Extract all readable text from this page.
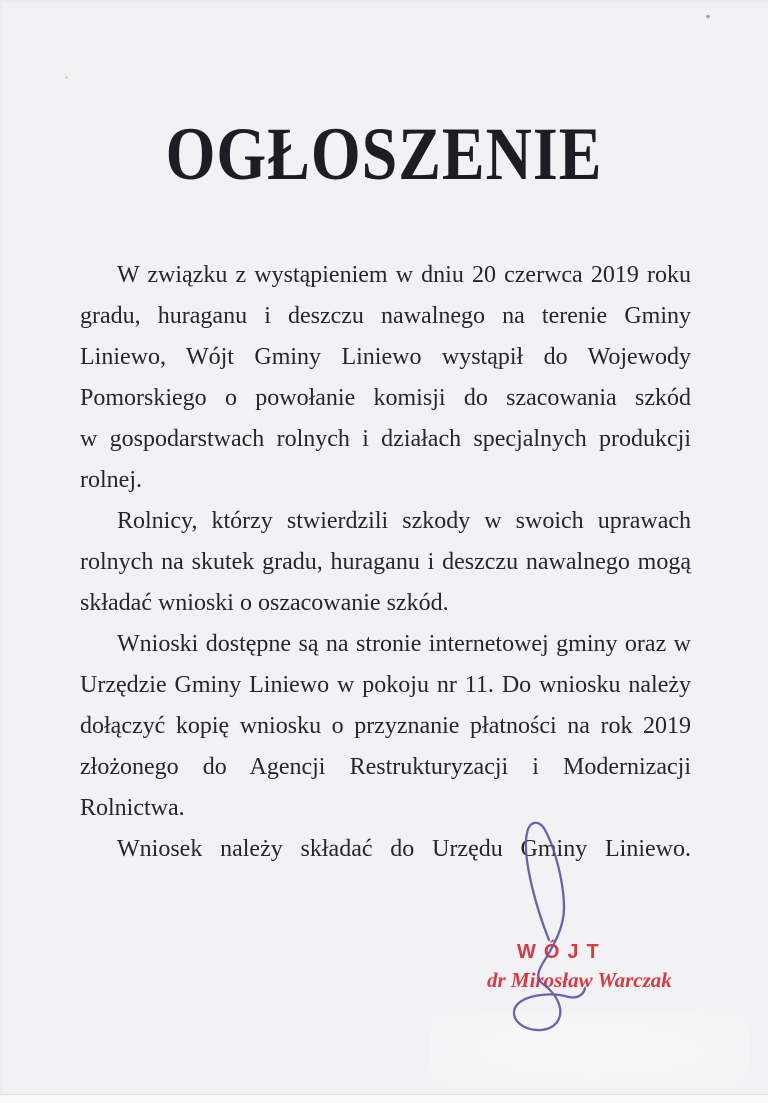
OGŁOSZENIE
W związku z wystąpieniem w dniu 20 czerwca 2019 roku
gradu, huraganu i deszczu nawalnego na terenie Gminy
Liniewo, Wójt Gminy Liniewo wystąpił do Wojewody
Pomorskiego o powołanie komisji do szacowania szkód
w gospodarstwach rolnych i działach specjalnych produkcji
rolnej.
Rolnicy, którzy stwierdzili szkody w swoich uprawach
rolnych na skutek gradu, huraganu i deszczu nawalnego mogą
składać wnioski o oszacowanie szkód.
Wnioski dostępne są na stronie internetowej gminy oraz w
Urzędzie Gminy Liniewo w pokoju nr 11. Do wniosku należy
dołączyć kopię wniosku o przyznanie płatności na rok 2019
złożonego do Agencji Restrukturyzacji i Modernizacji
Rolnictwa.
Wniosek należy składać do Urzędu Gminy Liniewo.
WÓJT
dr Mirosław Warczak
